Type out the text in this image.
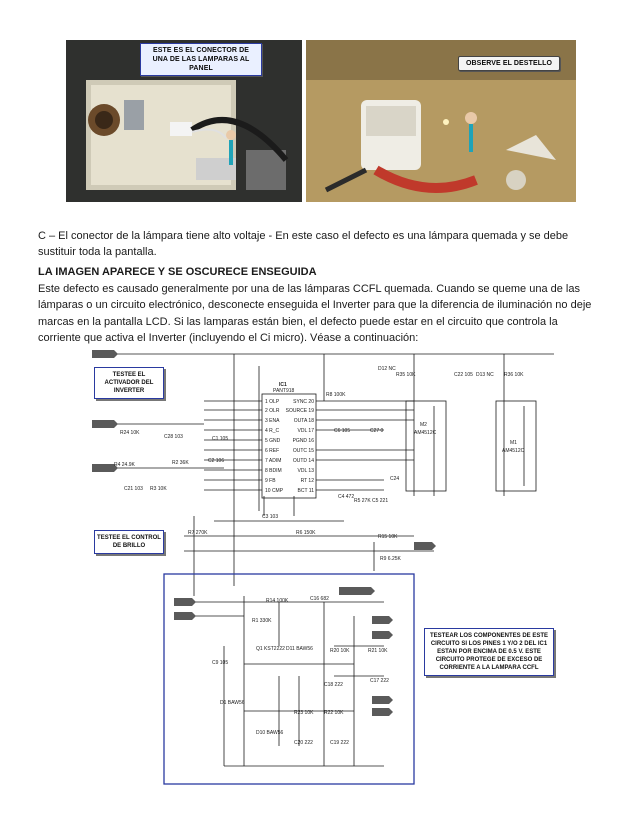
ESTE ES EL CONECTOR DE UNA DE LAS LAMPARAS AL PANEL
OBSERVE EL DESTELLO
C – El conector de la lámpara tiene alto voltaje - En este caso el defecto es una lámpara quemada y se debe sustituir toda la pantalla.
LA IMAGEN APARECE Y SE OSCURECE ENSEGUIDA
Este defecto es causado generalmente por una de las lámparas CCFL quemada. Cuando se queme una de las lámparas o un circuito electrónico, desconecte enseguida el Inverter para que la diferencia de iluminación no deje marcas en la pantalla LCD. Si las lamparas están bien, el defecto puede estar en el circuito que controla la corriente que activa el Inverter (incluyendo el Ci micro). Véase a continuación:
IC1
PANT918
1 OLP
2 OLR
3 ENA
4 R_C
5 GND
6 REF
7 ADIM
8 BDIM
9 FB
10 CMP
SYNC 20
SOURCE 19
OUTA 18
VDL 17
PGND 16
OUTC 15
OUTD 14
VDL 13
RT 12
BCT 11
M2
AM4512C
M1
AM4512C
R24 10K
C28 103	C1 105
R2 36K	C2 106
R4 24.9K
C21 103 R3 10K
R8 100K
C6 105	C27 0
C4 472
R5 27K C5 221
C3 103
R7 270K	R6 150K
R15 10K
R9 6.25K
D12 NC
R35 10K	C22 105 D13 NC R36 10K
C24
R14 100K	C16 682
R1 330K
Q1 KST2222
C9 105
D1 BAW56
D11 BAW56	R20 10K	R21 10K
C18 222
C17 222
R23 10K R22 10K
D10 BAW56
C20 222	C19 222
TESTEE EL ACTIVADOR DEL INVERTER
TESTEE EL CONTROL DE BRILLO
TESTEAR LOS COMPONENTES DE ESTE CIRCUITO SI LOS PINES 1 Y/O 2 DEL IC1 ESTAN POR ENCIMA DE 0.5 V. ESTE CIRCUITO PROTEGE DE EXCESO DE CORRIENTE A LA LAMPARA CCFL
